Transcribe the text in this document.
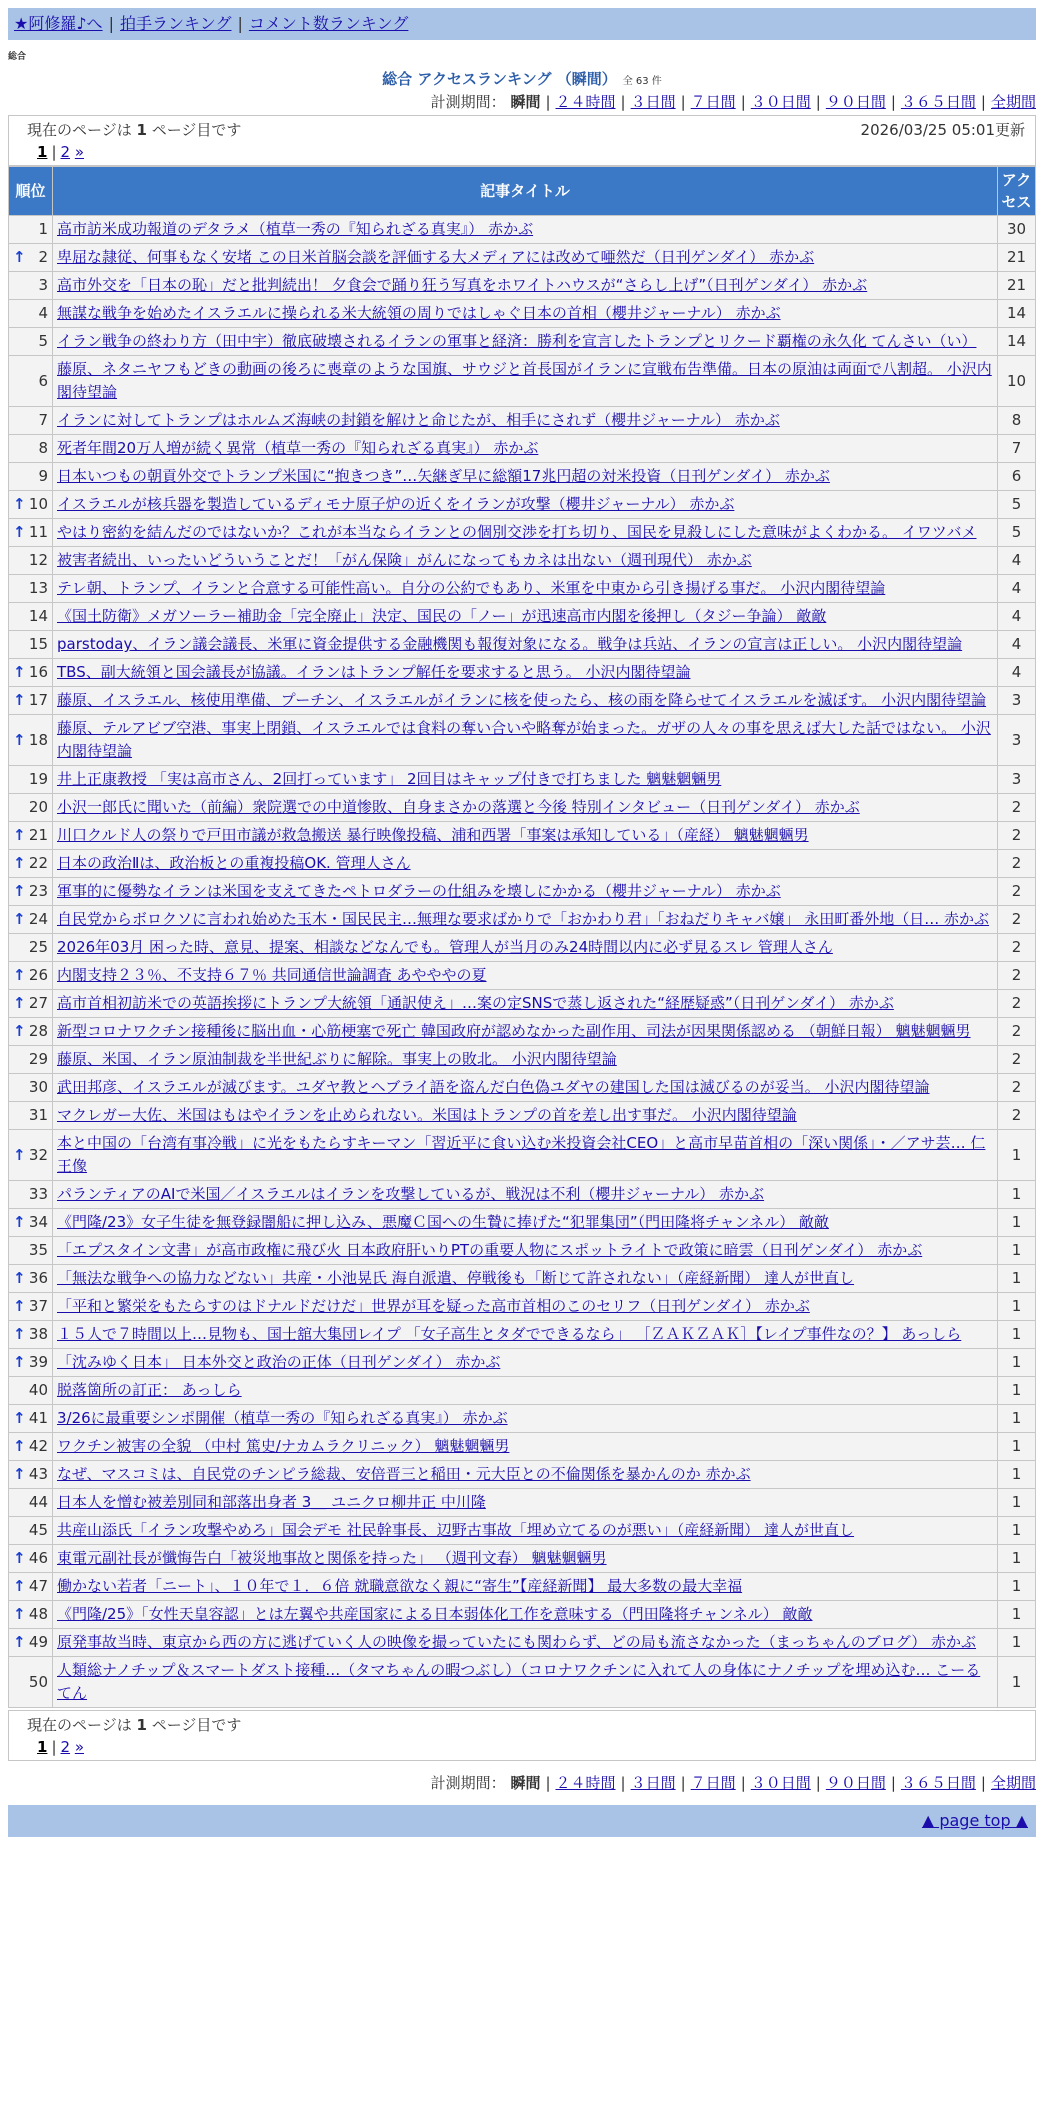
★阿修羅♪へ | 拍手ランキング | コメント数ランキング
総合
総合 アクセスランキング （瞬間） 全 63 件
計測期間： 瞬間 | ２４時間 | ３日間 | ７日間 | ３０日間 | ９０日間 | ３６５日間 | 全期間
現在のページは 1 ページ目です	2026/03/25 05:01更新
1 | 2 »
順位	記事タイトル	アクセス
1	高市訪米成功報道のデタラメ（植草一秀の『知られざる真実』） 赤かぶ	30

↑ 2	卑屈な隷従、何事もなく安堵 この日米首脳会談を評価する大メディアには改めて唖然だ（日刊ゲンダイ） 赤かぶ	21
3	高市外交を「日本の恥」だと批判続出！ 夕食会で踊り狂う写真をホワイトハウスが“さらし上げ”（日刊ゲンダイ） 赤かぶ	21
4	無謀な戦争を始めたイスラエルに操られる米大統領の周りではしゃぐ日本の首相（櫻井ジャーナル） 赤かぶ	14
5	イラン戦争の終わり方（田中宇）徹底破壊されるイランの軍事と経済：勝利を宣言したトランプとリクード覇権の永久化 てんさい（い）	14
6	藤原、ネタニヤフもどきの動画の後ろに喪章のような国旗、サウジと首長国がイランに宣戦布告準備。日本の原油は両面で八割超。 小沢内閣待望論	10
7	イランに対してトランプはホルムズ海峡の封鎖を解けと命じたが、相手にされず（櫻井ジャーナル） 赤かぶ	8
8	死者年間20万人増が続く異常（植草一秀の『知られざる真実』） 赤かぶ	7
9	日本いつもの朝貢外交でトランプ米国に“抱きつき”…矢継ぎ早に総額17兆円超の対米投資（日刊ゲンダイ） 赤かぶ	6

↑ 10	イスラエルが核兵器を製造しているディモナ原子炉の近くをイランが攻撃（櫻井ジャーナル） 赤かぶ	5

↑ 11	やはり密約を結んだのではないか？これが本当ならイランとの個別交渉を打ち切り、国民を見殺しにした意味がよくわかる。 イワツバメ	5
12	被害者続出、いったいどういうことだ！「がん保険」がんになってもカネは出ない（週刊現代） 赤かぶ	4
13	テレ朝、トランプ、イランと合意する可能性高い。自分の公約でもあり、米軍を中東から引き揚げる事だ。 小沢内閣待望論	4
14	《国土防衛》メガソーラー補助金「完全廃止」決定、国民の「ノー」が迅速高市内閣を後押し（タジー争論） 敵敵	4
15	parstoday、イラン議会議長、米軍に資金提供する金融機関も報復対象になる。戦争は兵站、イランの宣言は正しい。 小沢内閣待望論	4

↑ 16	TBS、副大統領と国会議長が協議。イランはトランプ解任を要求すると思う。 小沢内閣待望論	4

↑ 17	藤原、イスラエル、核使用準備、プーチン、イスラエルがイランに核を使ったら、核の雨を降らせてイスラエルを滅ぼす。 小沢内閣待望論	3

↑ 18	藤原、テルアビブ空港、事実上閉鎖、イスラエルでは食料の奪い合いや略奪が始まった。ガザの人々の事を思えば大した話ではない。 小沢内閣待望論	3
19	井上正康教授 「実は高市さん、2回打っています」 2回目はキャップ付きで打ちました 魑魅魍魎男	3
20	小沢一郎氏に聞いた（前編）衆院選での中道惨敗、自身まさかの落選と今後 特別インタビュー（日刊ゲンダイ） 赤かぶ	2

↑ 21	川口クルド人の祭りで戸田市議が救急搬送 暴行映像投稿、浦和西署「事案は承知している」（産経） 魑魅魍魎男	2

↑ 22	日本の政治Ⅱは、政治板との重複投稿OK. 管理人さん	2

↑ 23	軍事的に優勢なイランは米国を支えてきたペトロダラーの仕組みを壊しにかかる（櫻井ジャーナル） 赤かぶ	2

↑ 24	自民党からボロクソに言われ始めた玉木・国民民主…無理な要求ばかりで「おかわり君」「おねだりキャバ嬢」 永田町番外地（日… 赤かぶ	2
25	2026年03月 困った時、意見、提案、相談などなんでも。管理人が当月のみ24時間以内に必ず見るスレ 管理人さん	2

↑ 26	内閣支持２３％、不支持６７％ 共同通信世論調査 あやややの夏	2

↑ 27	高市首相初訪米での英語挨拶にトランプ大統領「通訳使え」…案の定SNSで蒸し返された“経歴疑惑”（日刊ゲンダイ） 赤かぶ	2

↑ 28	新型コロナワクチン接種後に脳出血・心筋梗塞で死亡 韓国政府が認めなかった副作用、司法が因果関係認める （朝鮮日報） 魑魅魍魎男	2
29	藤原、米国、イラン原油制裁を半世紀ぶりに解除。事実上の敗北。 小沢内閣待望論	2
30	武田邦彦、イスラエルが滅びます。ユダヤ教とヘブライ語を盗んだ白色偽ユダヤの建国した国は滅びるのが妥当。 小沢内閣待望論	2
31	マクレガー大佐、米国はもはやイランを止められない。米国はトランプの首を差し出す事だ。 小沢内閣待望論	2

↑ 32	本と中国の「台湾有事冷戦」に光をもたらすキーマン「習近平に食い込む米投資会社CEO」と高市早苗首相の「深い関係」・／アサ芸… 仁王像	1
33	パランティアのAIで米国／イスラエルはイランを攻撃しているが、戦況は不利（櫻井ジャーナル） 赤かぶ	1

↑ 34	《門隆/23》女子生徒を無登録闇船に押し込み、悪魔Ｃ国への生贄に捧げた“犯罪集団”（門田隆将チャンネル） 敵敵	1
35	「エプスタイン文書」が高市政権に飛び火 日本政府肝いりPTの重要人物にスポットライトで政策に暗雲（日刊ゲンダイ） 赤かぶ	1

↑ 36	「無法な戦争への協力などない」共産・小池晃氏 海自派遣、停戦後も「断じて許されない」（産経新聞） 達人が世直し	1

↑ 37	「平和と繁栄をもたらすのはドナルドだけだ」世界が耳を疑った高市首相のこのセリフ（日刊ゲンダイ） 赤かぶ	1

↑ 38	１５人で７時間以上…見物も、国士舘大集団レイプ 「女子高生とタダでできるなら」 ［ＺＡＫＺＡＫ］【レイプ事件なの？】 あっしら	1

↑ 39	「沈みゆく日本」 日本外交と政治の正体（日刊ゲンダイ） 赤かぶ	1
40	脱落箇所の訂正： あっしら	1

↑ 41	3/26に最重要シンポ開催（植草一秀の『知られざる真実』） 赤かぶ	1

↑ 42	ワクチン被害の全貌 （中村 篤史/ナカムラクリニック） 魑魅魍魎男	1

↑ 43	なぜ、マスコミは、自民党のチンピラ総裁、安倍晋三と稲田・元大臣との不倫関係を暴かんのか 赤かぶ	1
44	日本人を憎む被差別同和部落出身者 3＿ ユニクロ柳井正 中川隆	1
45	共産山添氏「イラン攻撃やめろ」国会デモ 社民幹事長、辺野古事故「埋め立てるのが悪い」（産経新聞） 達人が世直し	1

↑ 46	東電元副社長が懺悔告白「被災地事故と関係を持った」 （週刊文春） 魑魅魍魎男	1

↑ 47	働かない若者「ニート」、１０年で１．６倍 就職意欲なく親に“寄生”【産経新聞】 最大多数の最大幸福	1

↑ 48	《門隆/25》「女性天皇容認」とは左翼や共産国家による日本弱体化工作を意味する（門田隆将チャンネル） 敵敵	1

↑ 49	原発事故当時、東京から西の方に逃げていく人の映像を撮っていたにも関わらず、どの局も流さなかった（まっちゃんのブログ） 赤かぶ	1
50	人類総ナノチップ＆スマートダスト接種…（タマちゃんの暇つぶし）（コロナワクチンに入れて人の身体にナノチップを埋め込む… こーるてん	1
現在のページは 1 ページ目です
1 | 2 »
計測期間： 瞬間 | ２４時間 | ３日間 | ７日間 | ３０日間 | ９０日間 | ３６５日間 | 全期間
▲ page top ▲
